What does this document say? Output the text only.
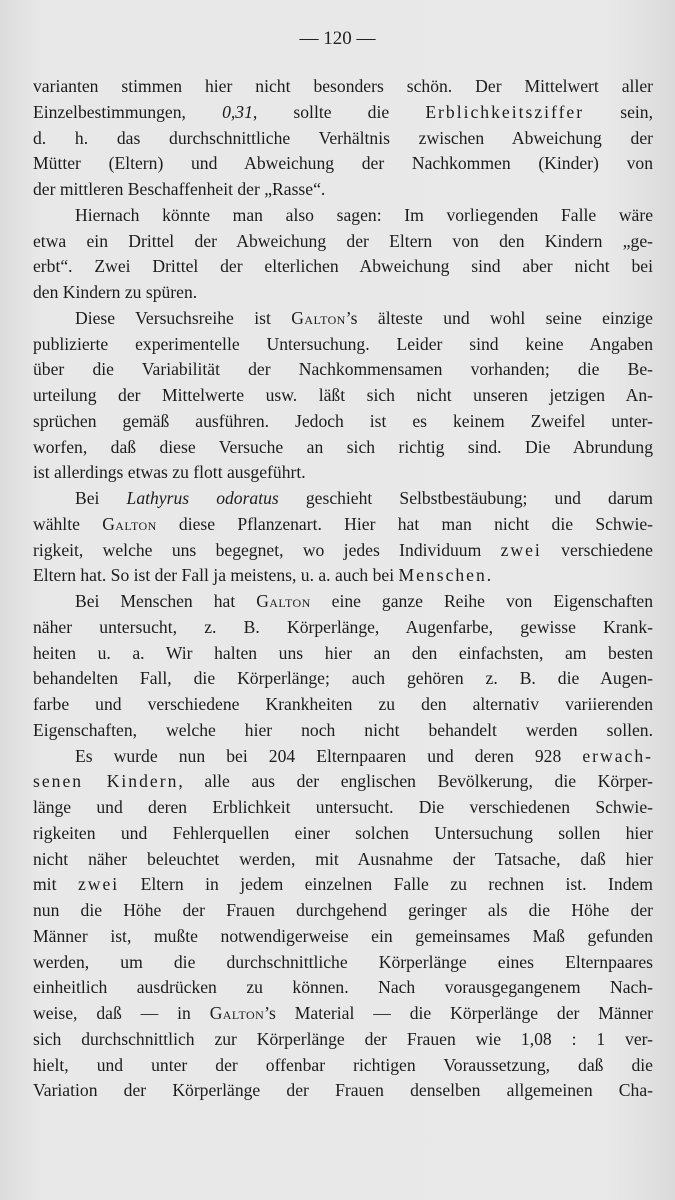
— 120 —
varianten stimmen hier nicht besonders schön. Der Mittelwert aller
Einzelbestimmungen, 0,31, sollte die Erblichkeitsziffer sein,
d. h. das durchschnittliche Verhältnis zwischen Abweichung der
Mütter (Eltern) und Abweichung der Nachkommen (Kinder) von
der mittleren Beschaffenheit der „Rasse“.
Hiernach könnte man also sagen: Im vorliegenden Falle wäre
etwa ein Drittel der Abweichung der Eltern von den Kindern „ge-
erbt“. Zwei Drittel der elterlichen Abweichung sind aber nicht bei
den Kindern zu spüren.
Diese Versuchsreihe ist Galton’s älteste und wohl seine einzige
publizierte experimentelle Untersuchung. Leider sind keine Angaben
über die Variabilität der Nachkommensamen vorhanden; die Be-
urteilung der Mittelwerte usw. läßt sich nicht unseren jetzigen An-
sprüchen gemäß ausführen. Jedoch ist es keinem Zweifel unter-
worfen, daß diese Versuche an sich richtig sind. Die Abrundung
ist allerdings etwas zu flott ausgeführt.
Bei Lathyrus odoratus geschieht Selbstbestäubung; und darum
wählte Galton diese Pflanzenart. Hier hat man nicht die Schwie-
rigkeit, welche uns begegnet, wo jedes Individuum zwei verschiedene
Eltern hat. So ist der Fall ja meistens, u. a. auch bei Menschen.
Bei Menschen hat Galton eine ganze Reihe von Eigenschaften
näher untersucht, z. B. Körperlänge, Augenfarbe, gewisse Krank-
heiten u. a. Wir halten uns hier an den einfachsten, am besten
behandelten Fall, die Körperlänge; auch gehören z. B. die Augen-
farbe und verschiedene Krankheiten zu den alternativ variierenden
Eigenschaften, welche hier noch nicht behandelt werden sollen.
Es wurde nun bei 204 Elternpaaren und deren 928 erwach-
senen Kindern, alle aus der englischen Bevölkerung, die Körper-
länge und deren Erblichkeit untersucht. Die verschiedenen Schwie-
rigkeiten und Fehlerquellen einer solchen Untersuchung sollen hier
nicht näher beleuchtet werden, mit Ausnahme der Tatsache, daß hier
mit zwei Eltern in jedem einzelnen Falle zu rechnen ist. Indem
nun die Höhe der Frauen durchgehend geringer als die Höhe der
Männer ist, mußte notwendigerweise ein gemeinsames Maß gefunden
werden, um die durchschnittliche Körperlänge eines Elternpaares
einheitlich ausdrücken zu können. Nach vorausgegangenem Nach-
weise, daß — in Galton’s Material — die Körperlänge der Männer
sich durchschnittlich zur Körperlänge der Frauen wie 1,08 : 1 ver-
hielt, und unter der offenbar richtigen Voraussetzung, daß die
Variation der Körperlänge der Frauen denselben allgemeinen Cha-
